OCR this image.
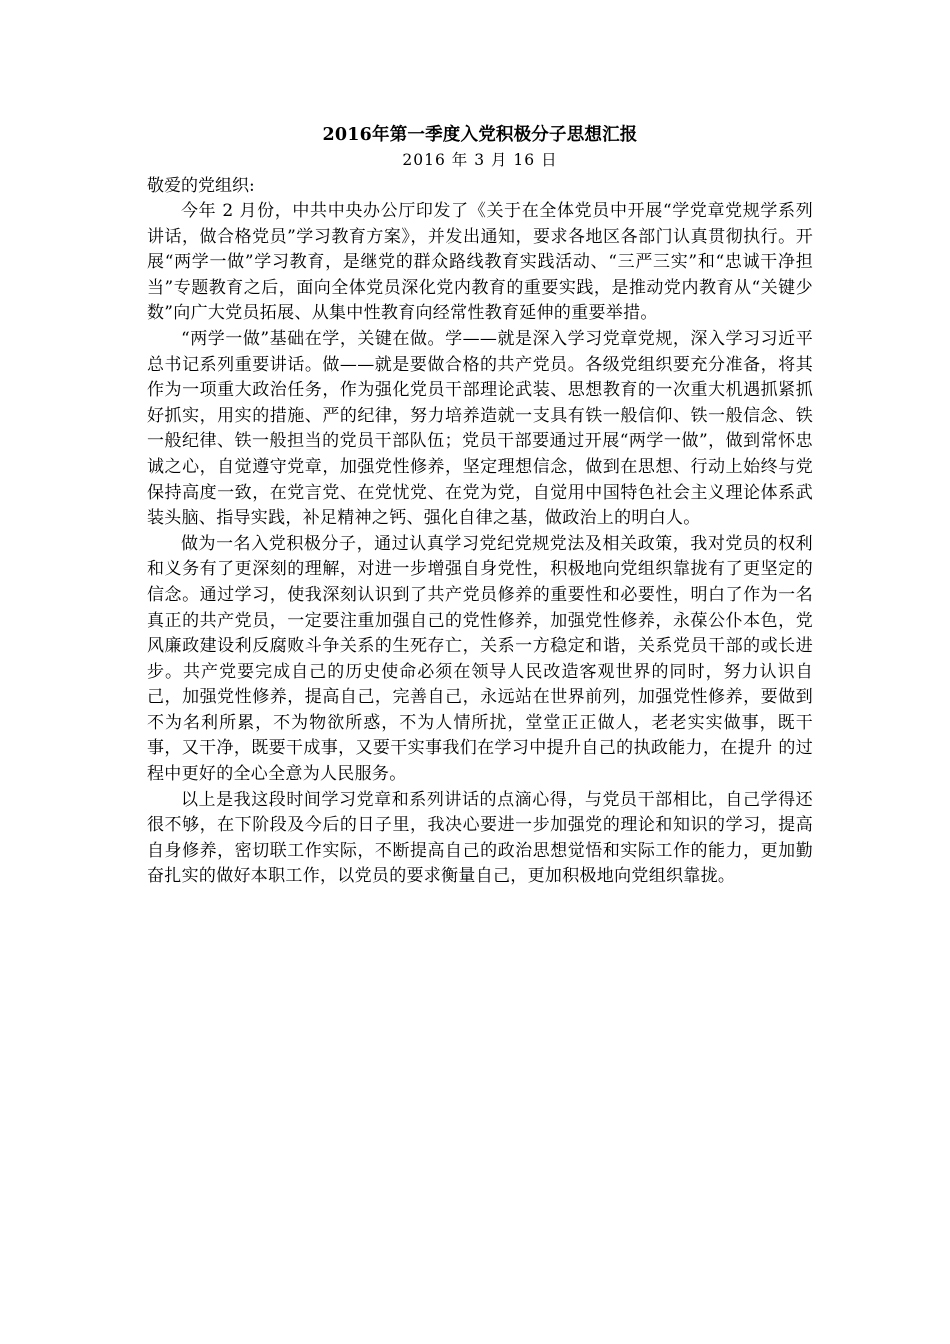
2016年第一季度入党积极分子思想汇报

2016 年 3 月 16 日

敬爱的党组织:

今年 2 月份，中共中央办公厅印发了《关于在全体党员中开展“学党章党规学系列讲话，做合格党员”学习教育方案》，并发出通知，要求各地区各部门认真贯彻执行。开展“两学一做”学习教育，是继党的群众路线教育实践活动、“三严三实”和“忠诚干净担当”专题教育之后，面向全体党员深化党内教育的重要实践，是推动党内教育从“关键少数”向广大党员拓展、从集中性教育向经常性教育延伸的重要举措。

“两学一做”基础在学，关键在做。学——就是深入学习党章党规，深入学习习近平总书记系列重要讲话。做——就是要做合格的共产党员。各级党组织要充分准备，将其作为一项重大政治任务，作为强化党员干部理论武装、思想教育的一次重大机遇抓紧抓好抓实，用实的措施、严的纪律，努力培养造就一支具有铁一般信仰、铁一般信念、铁一般纪律、铁一般担当的党员干部队伍；党员干部要通过开展“两学一做”，做到常怀忠诚之心，自觉遵守党章，加强党性修养，坚定理想信念，做到在思想、行动上始终与党保持高度一致，在党言党、在党忧党、在党为党，自觉用中国特色社会主义理论体系武装头脑、指导实践，补足精神之钙、强化自律之基，做政治上的明白人。

做为一名入党积极分子，通过认真学习党纪党规党法及相关政策，我对党员的权利和义务有了更深刻的理解，对进一步增强自身党性，积极地向党组织靠拢有了更坚定的信念。通过学习，使我深刻认识到了共产党员修养的重要性和必要性，明白了作为一名真正的共产党员，一定要注重加强自己的党性修养，加强党性修养，永葆公仆本色，党风廉政建设利反腐败斗争关系的生死存亡，关系一方稳定和谐，关系党员干部的或长进步。共产党要完成自己的历史使命必须在领导人民改造客观世界的同时，努力认识自己，加强党性修养，提高自己，完善自己，永远站在世界前列，加强党性修养，要做到不为名利所累，不为物欲所惑，不为人情所扰，堂堂正正做人，老老实实做事，既干事，又干净，既要干成事，又要干实事我们在学习中提升自己的执政能力，在提升 的过程中更好的全心全意为人民服务。

以上是我这段时间学习党章和系列讲话的点滴心得，与党员干部相比，自己学得还很不够，在下阶段及今后的日子里，我决心要进一步加强党的理论和知识的学习，提高自身修养，密切联工作实际，不断提高自己的政治思想觉悟和实际工作的能力，更加勤奋扎实的做好本职工作，以党员的要求衡量自己，更加积极地向党组织靠拢。
